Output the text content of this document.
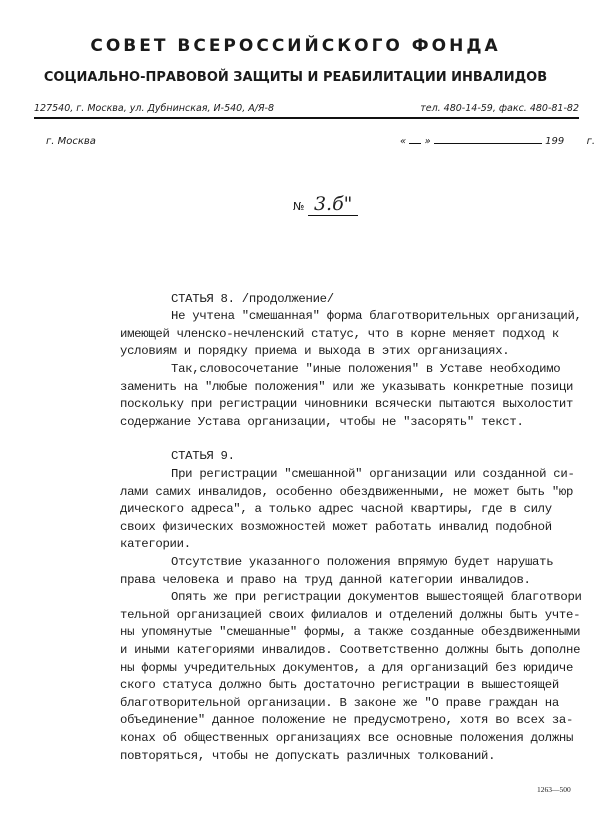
СОВЕТ ВСЕРОССИЙСКОГО ФОНДА
СОЦИАЛЬНО-ПРАВОВОЙ ЗАЩИТЫ И РЕАБИЛИТАЦИИ ИНВАЛИДОВ
127540, г. Москва, ул. Дубнинская, И-540, А/Я-8	тел. 480-14-59, факс. 480-81-82
г. Москва	« »	199 г.
№ 3.б"
СТАТЬЯ 8. /продолжение/
Не учтена "смешанная" форма благотворительных организаций,
имеющей членско-нечленский статус, что в корне меняет подход к
условиям и порядку приема и выхода в этих организациях.
Так,словосочетание "иные положения" в Уставе необходимо
заменить на "любые положения" или же указывать конкретные позици
поскольку при регистрации чиновники всячески пытаются выхолостит
содержание Устава организации, чтобы не "засорять" текст.
СТАТЬЯ 9.
При регистрации "смешанной" организации или созданной си-
лами самих инвалидов, особенно обездвиженными, не может быть "юр
дического адреса", а только адрес часной квартиры, где в силу
своих физических возможностей может работать инвалид подобной
категории.
Отсутствие указанного положения впрямую будет нарушать
права человека и право на труд данной категории инвалидов.
Опять же при регистрации документов вышестоящей благотвори
тельной организацией своих филиалов и отделений должны быть учте-
ны упомянутые "смешанные" формы, а также созданные обездвиженными
и иными категориями инвалидов. Соответственно должны быть дополне
ны формы учредительных документов, а для организаций без юридиче
ского статуса должно быть достаточно регистрации в вышестоящей
благотворительной организации. В законе же "О праве граждан на
объединение" данное положение не предусмотрено, хотя во всех за-
конах об общественных организациях все основные положения должны
повторяться, чтобы не допускать различных толкований.
1263—500
